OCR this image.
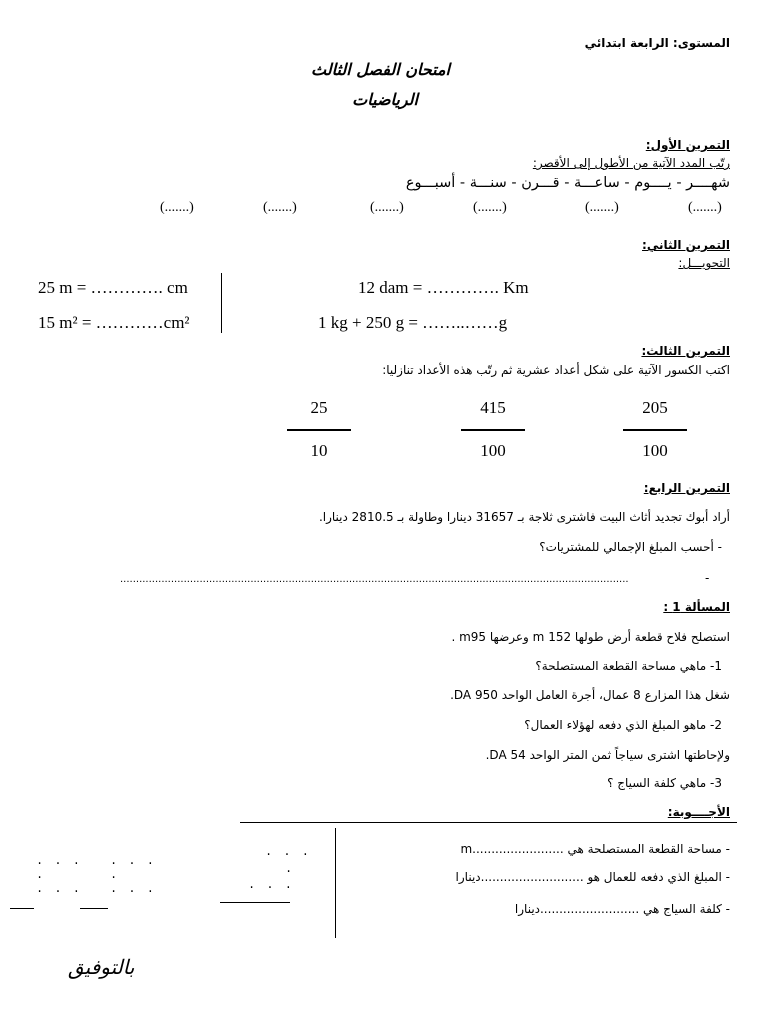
المستوى: الرابعة ابتدائي
امتحان الفصل الثالث
الرياضيات
التمرين الأول:
رتّب المدد الآتية من الأطول إلى الأقصر:
شهــــر - يــــوم - ساعـــة - قـــرن - سنـــة - أسبـــوع
(.......)	(.......)	(.......)	(.......)	(.......)	(.......)
التمرين الثاني:
التحويـــل:
25 m = …………. cm
15 m² = …………cm²
12 dam = …………. Km
1 kg + 250 g = ……..……g
التمرين الثالث:
اكتب الكسور الآتية على شكل أعداد عشرية ثم رتّب هذه الأعداد تنازليا:
25
10
415
100
205
100
التمرين الرابع:
أراد أبوك تجديد أثاث البيت فاشترى ثلاجة بـ 31657 دينارا وطاولة بـ 2810.5 دينارا.
- أحسب المبلغ الإجمالي للمشتريات؟
-
................................................................................................................................................................
المسألة 1 :
استصلح فلاح قطعة أرض طولها 152 m وعرضها m95 .
1- ماهي مساحة القطعة المستصلحة؟
شغل هذا المزارع 8 عمال، أجرة العامل الواحد 950 DA.
2- ماهو المبلغ الذي دفعه لهؤلاء العمال؟
ولإحاطتها اشترى سياجاً ثمن المتر الواحد 54 DA.
3- ماهي كلفة السياج ؟
الأجــــوبة:
- مساحة القطعة المستصلحة هي ........................m
- المبلغ الذي دفعه للعمال هو ...........................دينارا
- كلفة السياج هي ..........................دينارا
. . .
.
. . .
. . . . . .
.	.
. . . . . .
بالتوفيق
